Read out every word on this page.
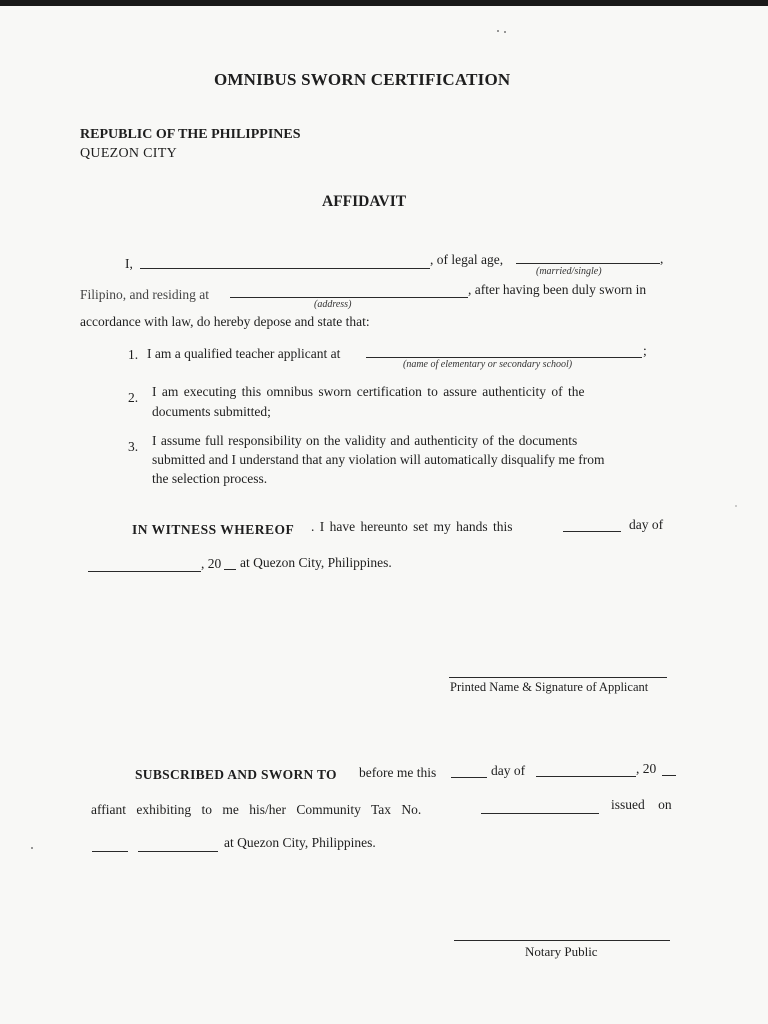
OMNIBUS SWORN CERTIFICATION
REPUBLIC OF THE PHILIPPINES
QUEZON CITY
AFFIDAVIT
I,	, of legal age,	,
(married/single)
Filipino, and residing at	, after having been duly sworn in
(address)
accordance with law, do hereby depose and state that:
1. I am a qualified teacher applicant at	;
(name of elementary or secondary school)
2. I am executing this omnibus sworn certification to assure authenticity of the
documents submitted;
3. I assume full responsibility on the validity and authenticity of the documents
submitted and I understand that any violation will automatically disqualify me from
the selection process.
IN WITNESS WHEREOF . I have hereunto set my hands this	day of
, 20 at Quezon City, Philippines.
Printed Name & Signature of Applicant
SUBSCRIBED AND SWORN TO before me this	day of	, 20
affiant exhibiting to me his/her Community Tax No.	issued on
at Quezon City, Philippines.
Notary Public
